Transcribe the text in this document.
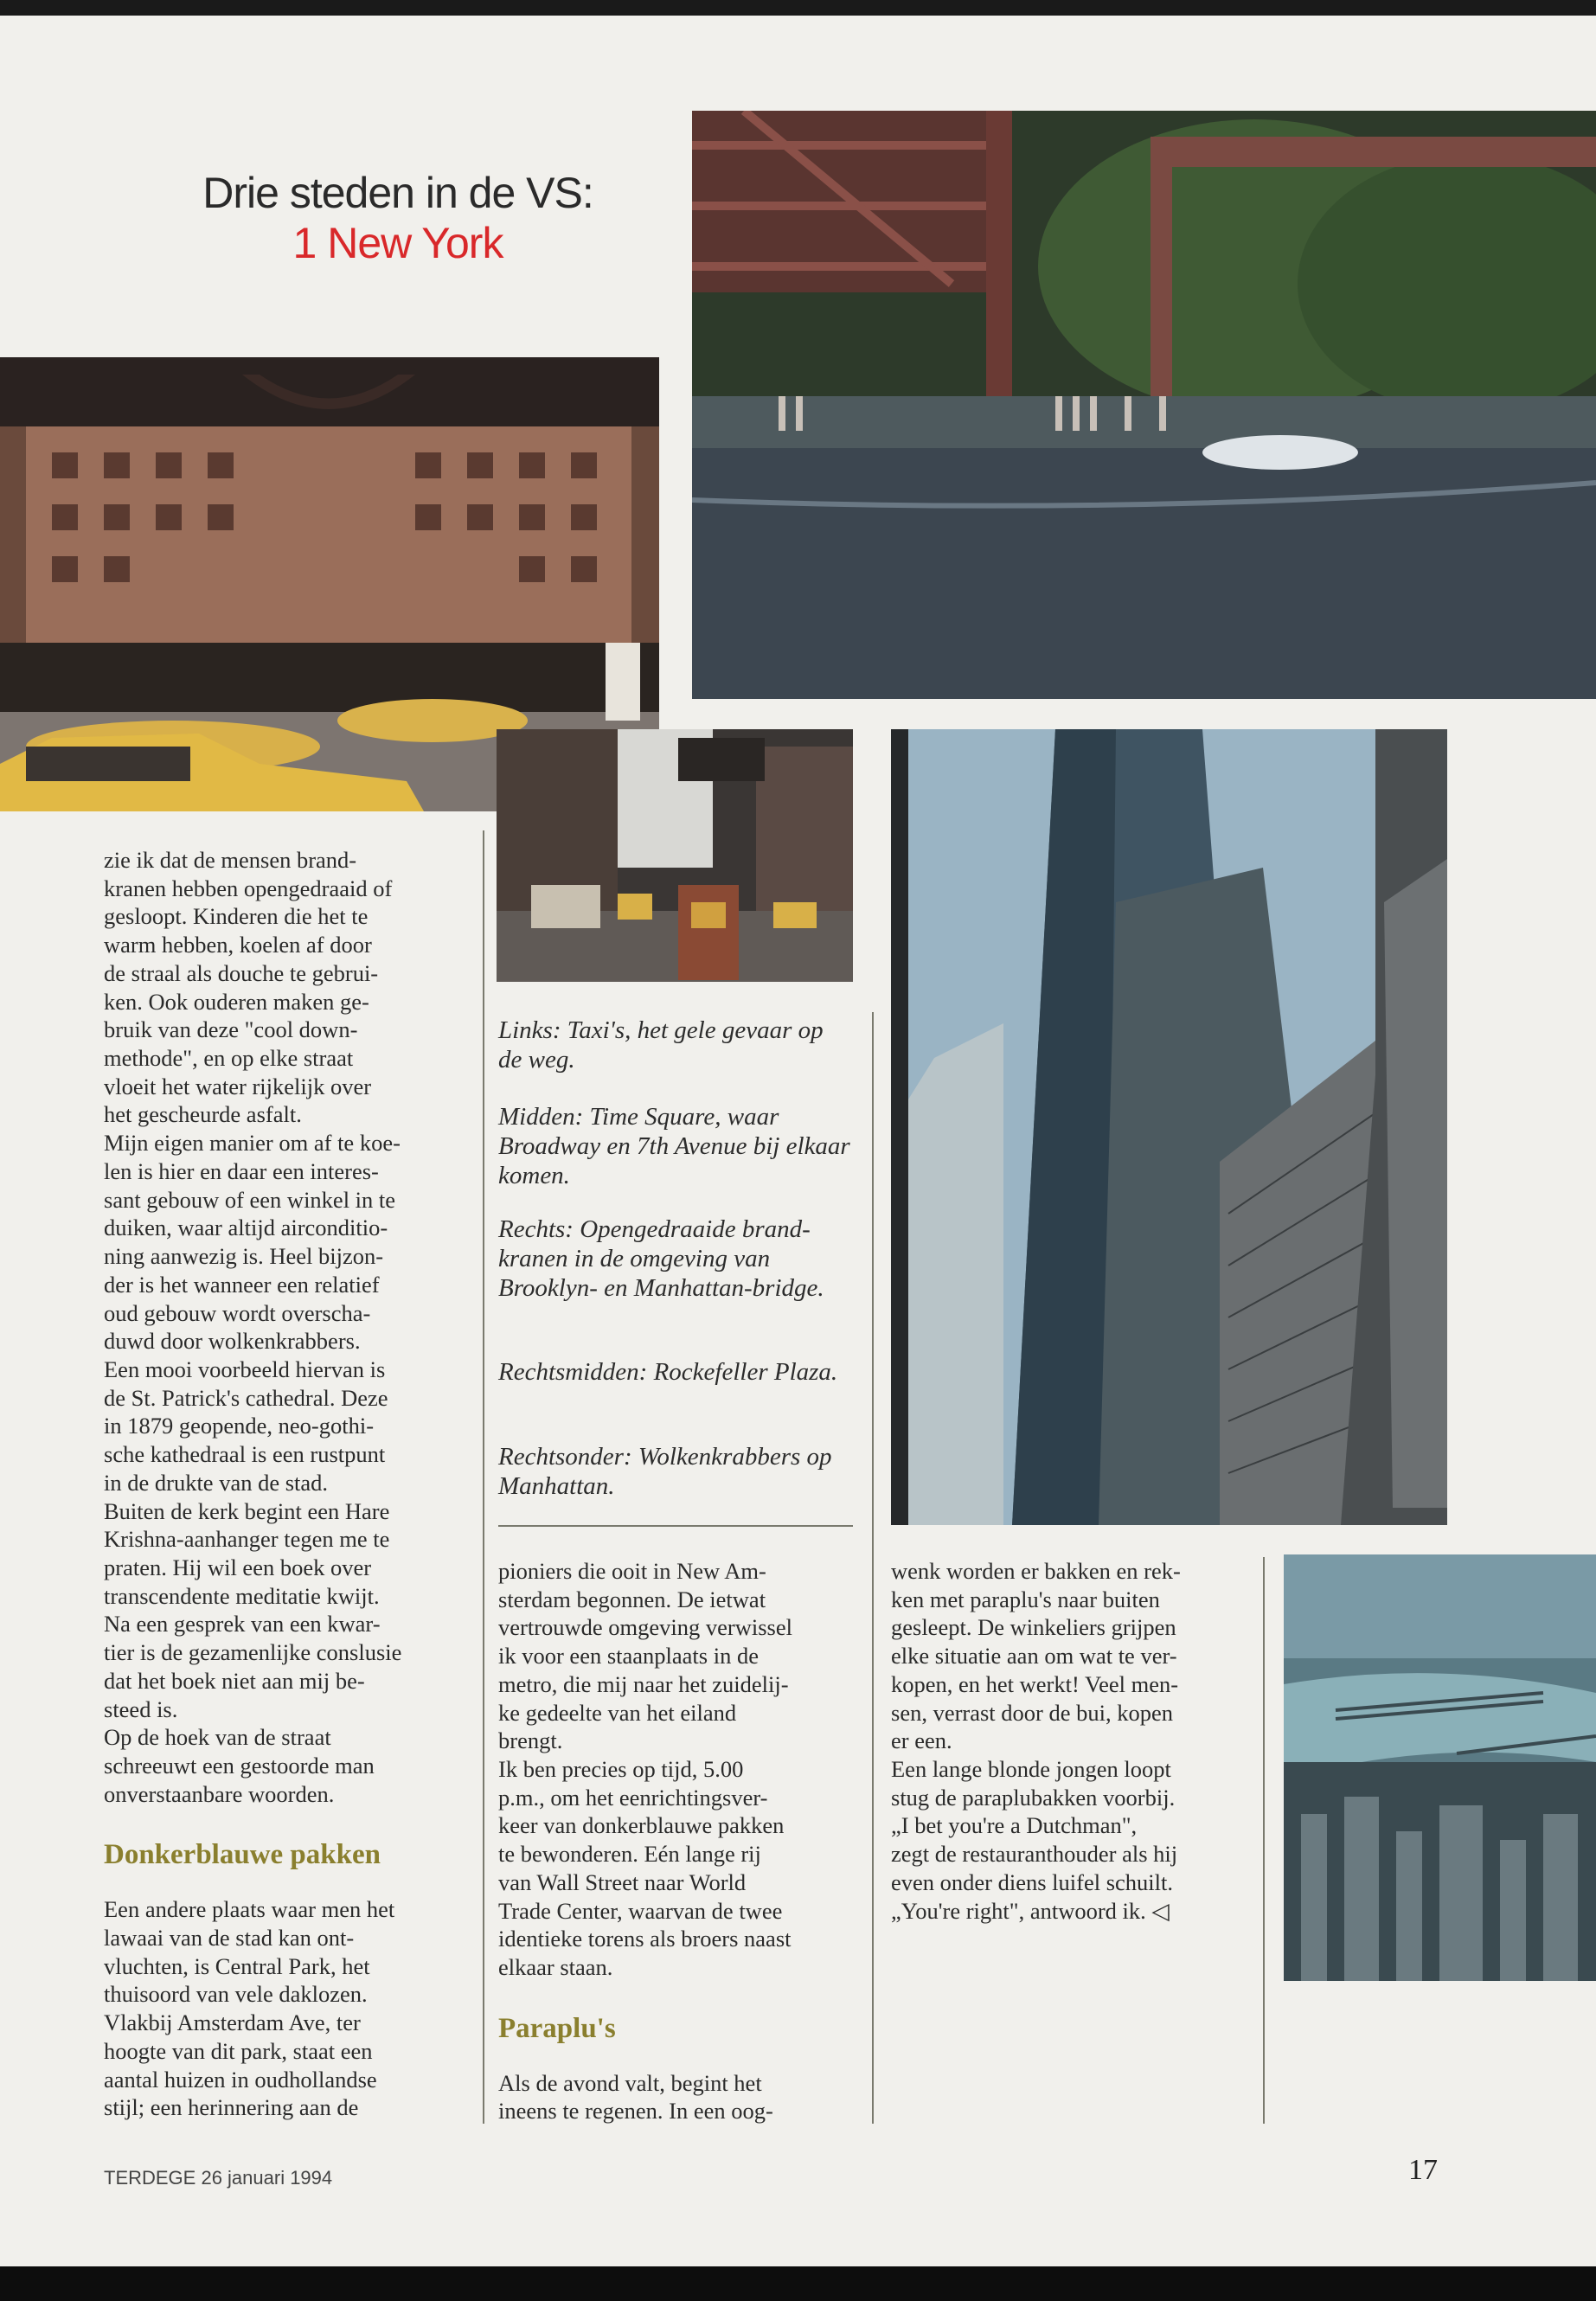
Drie steden in de VS:
1 New York
Links: Taxi's, het gele gevaar op de weg.
Midden: Time Square, waar Broadway en 7th Avenue bij elkaar komen.
Rechts: Opengedraaide brand-kranen in de omgeving van Brooklyn- en Manhattan-bridge.
Rechtsmidden: Rockefeller Plaza.
Rechtsonder: Wolkenkrabbers op Manhattan.

zie ik dat de mensen brand-

kranen hebben opengedraaid of

gesloopt. Kinderen die het te

warm hebben, koelen af door

de straal als douche te gebrui-

ken. Ook ouderen maken ge-

bruik van deze "cool down-

methode", en op elke straat

vloeit het water rijkelijk over

het gescheurde asfalt.

Mijn eigen manier om af te koe-

len is hier en daar een interes-

sant gebouw of een winkel in te

duiken, waar altijd airconditio-

ning aanwezig is. Heel bijzon-

der is het wanneer een relatief

oud gebouw wordt overscha-

duwd door wolkenkrabbers.

Een mooi voorbeeld hiervan is

de St. Patrick's cathedral. Deze

in 1879 geopende, neo-gothi-

sche kathedraal is een rustpunt

in de drukte van de stad.

Buiten de kerk begint een Hare

Krishna-aanhanger tegen me te

praten. Hij wil een boek over

transcendente meditatie kwijt.

Na een gesprek van een kwar-

tier is de gezamenlijke conslusie

dat het boek niet aan mij be-

steed is.

Op de hoek van de straat

schreeuwt een gestoorde man

onverstaanbare woorden.

Donkerblauwe pakken

Een andere plaats waar men het

lawaai van de stad kan ont-

vluchten, is Central Park, het

thuisoord van vele daklozen.

Vlakbij Amsterdam Ave, ter

hoogte van dit park, staat een

aantal huizen in oudhollandse

stijl; een herinnering aan de

pioniers die ooit in New Am-

sterdam begonnen. De ietwat

vertrouwde omgeving verwissel

ik voor een staanplaats in de

metro, die mij naar het zuidelij-

ke gedeelte van het eiland

brengt.

Ik ben precies op tijd, 5.00

p.m., om het eenrichtingsver-

keer van donkerblauwe pakken

te bewonderen. Eén lange rij

van Wall Street naar World

Trade Center, waarvan de twee

identieke torens als broers naast

elkaar staan.

Paraplu's

Als de avond valt, begint het

ineens te regenen. In een oog-

wenk worden er bakken en rek-

ken met paraplu's naar buiten

gesleept. De winkeliers grijpen

elke situatie aan om wat te ver-

kopen, en het werkt! Veel men-

sen, verrast door de bui, kopen

er een.

Een lange blonde jongen loopt

stug de paraplubakken voorbij.

„I bet you're a Dutchman",

zegt de restauranthouder als hij

even onder diens luifel schuilt.

„You're right", antwoord ik. ◁

TERDEGE 26 januari 1994	17
